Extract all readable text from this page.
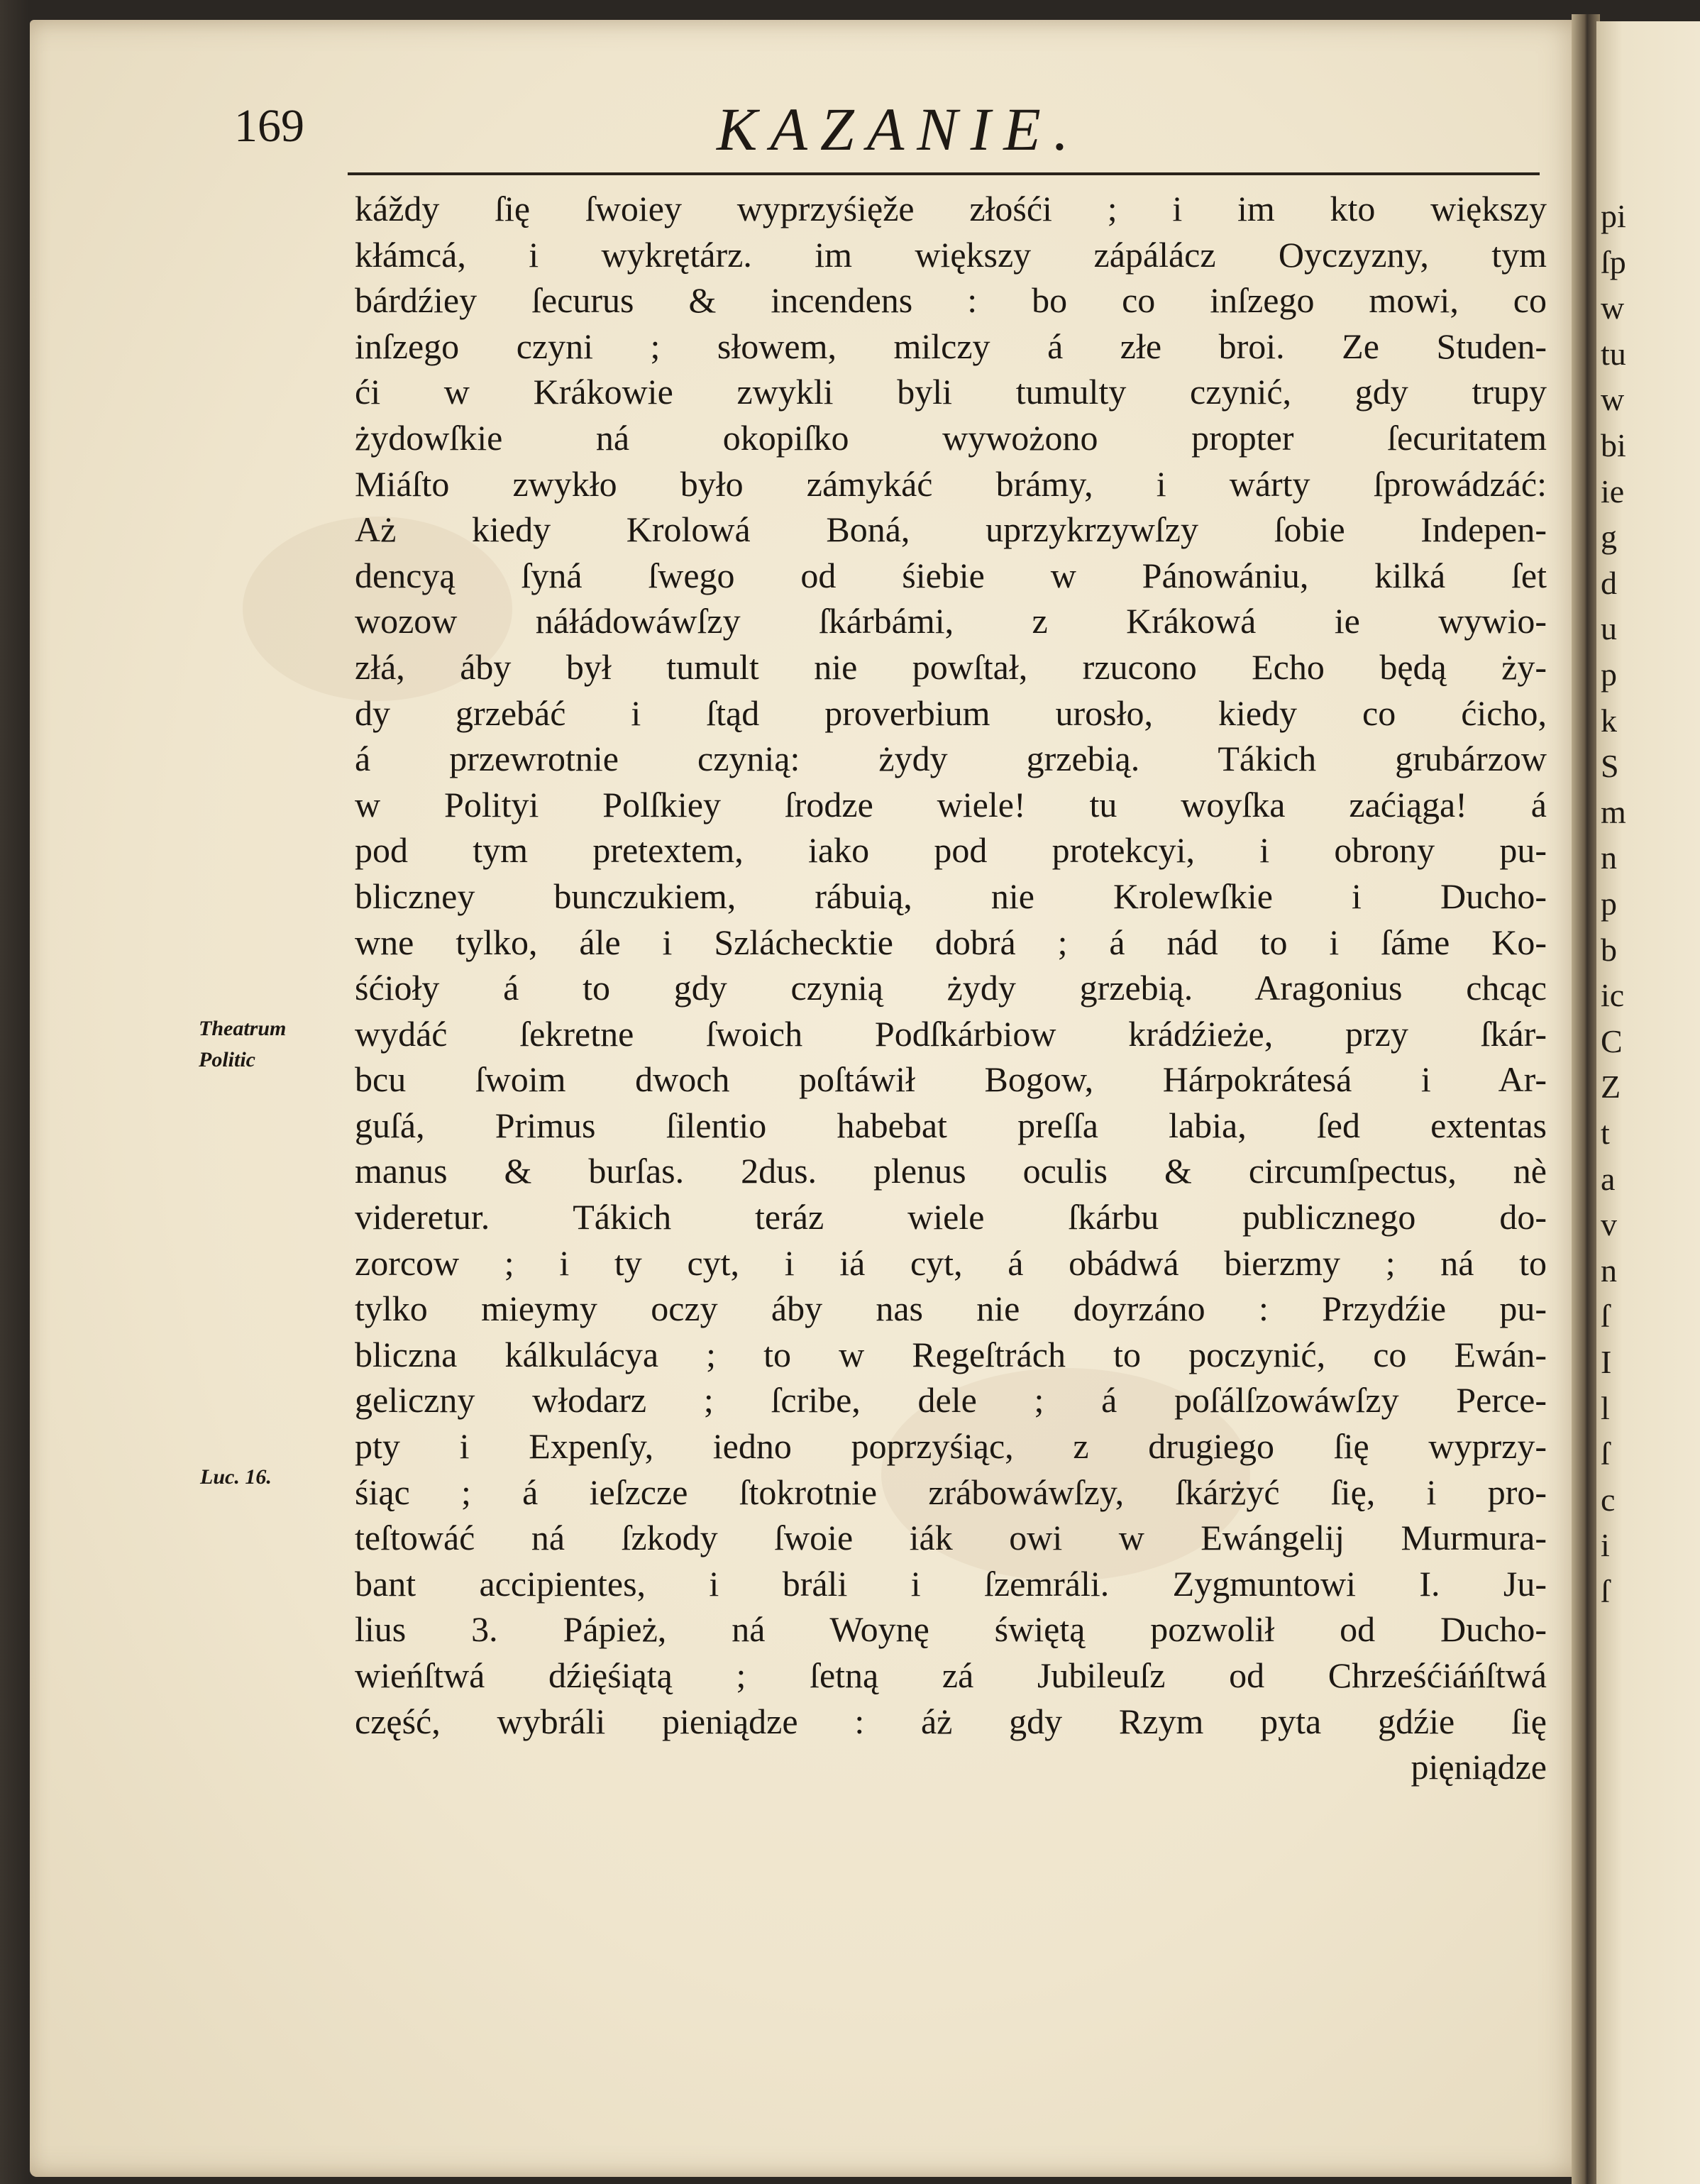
pi
ſp
w
tu
w
bi
ie
g
d
u
p
k
S
m
n
p
b
ic
C
Z
t
a
v
n
ſ
I
l
ſ
c
i
ſ
169	KAZANIE.
káždy ſię ſwoiey wyprzyśięže złośći ; i im kto większy
kłámcá, i wykrętárz. im większy zápálácz Oyczyzny, tym
bárdźiey ſecurus & incendens : bo co inſzego mowi, co
inſzego czyni ; słowem, milczy á złe broi. Ze Studen-
ći w Krákowie zwykli byli tumulty czynić, gdy trupy
żydowſkie ná okopiſko wywożono propter ſecuritatem
Miáſto zwykło było zámykáć brámy, i wárty ſprowádzáć:
Aż kiedy Krolowá Boná, uprzykrzywſzy ſobie Indepen-
dencyą ſyná ſwego od śiebie w Pánowániu, kilká ſet
wozow náłádowáwſzy ſkárbámi, z Krákowá ie wywio-
złá, áby był tumult nie powſtał, rzucono Echo będą ży-
dy grzebáć i ſtąd proverbium urosło, kiedy co ćicho,
á przewrotnie czynią: żydy grzebią. Tákich grubárzow
w Polityi Polſkiey ſrodze wiele! tu woyſka zaćiąga! á
pod tym pretextem, iako pod protekcyi, i obrony pu-
bliczney bunczukiem, rábuią, nie Krolewſkie i Ducho-
wne tylko, ále i Szláchecktie dobrá ; á nád to i ſáme Ko-
śćioły á to gdy czynią żydy grzebią. Aragonius chcąc
wydáć ſekretne ſwoich Podſkárbiow krádźieże, przy ſkár-
bcu ſwoim dwoch poſtáwił Bogow, Hárpokrátesá i Ar-
guſá, Primus ſilentio habebat preſſa labia, ſed extentas
manus & burſas. 2dus. plenus oculis & circumſpectus, nè
videretur. Tákich teráz wiele ſkárbu publicznego do-
zorcow ; i ty cyt, i iá cyt, á obádwá bierzmy ; ná to
tylko mieymy oczy áby nas nie doyrzáno : Przydźie pu-
bliczna kálkulácya ; to w Regeſtrách to poczynić, co Ewán-
geliczny włodarz ; ſcribe, dele ; á poſálſzowáwſzy Perce-
pty i Expenſy, iedno poprzyśiąc, z drugiego ſię wyprzy-
śiąc ; á ieſzcze ſtokrotnie zrábowáwſzy, ſkárżyć ſię, i pro-
teſtowáć ná ſzkody ſwoie iák owi w Ewángelij Murmura-
bant accipientes, i bráli i ſzemráli. Zygmuntowi I. Ju-
lius 3. Pápież, ná Woynę świętą pozwolił od Ducho-
wieńſtwá dźięśiątą ; ſetną zá Jubileuſz od Chrześćiáńſtwá
część, wybráli pieniądze : áż gdy Rzym pyta gdźie ſię
pięniądze
Theatrum
Politic
Luc. 16.
